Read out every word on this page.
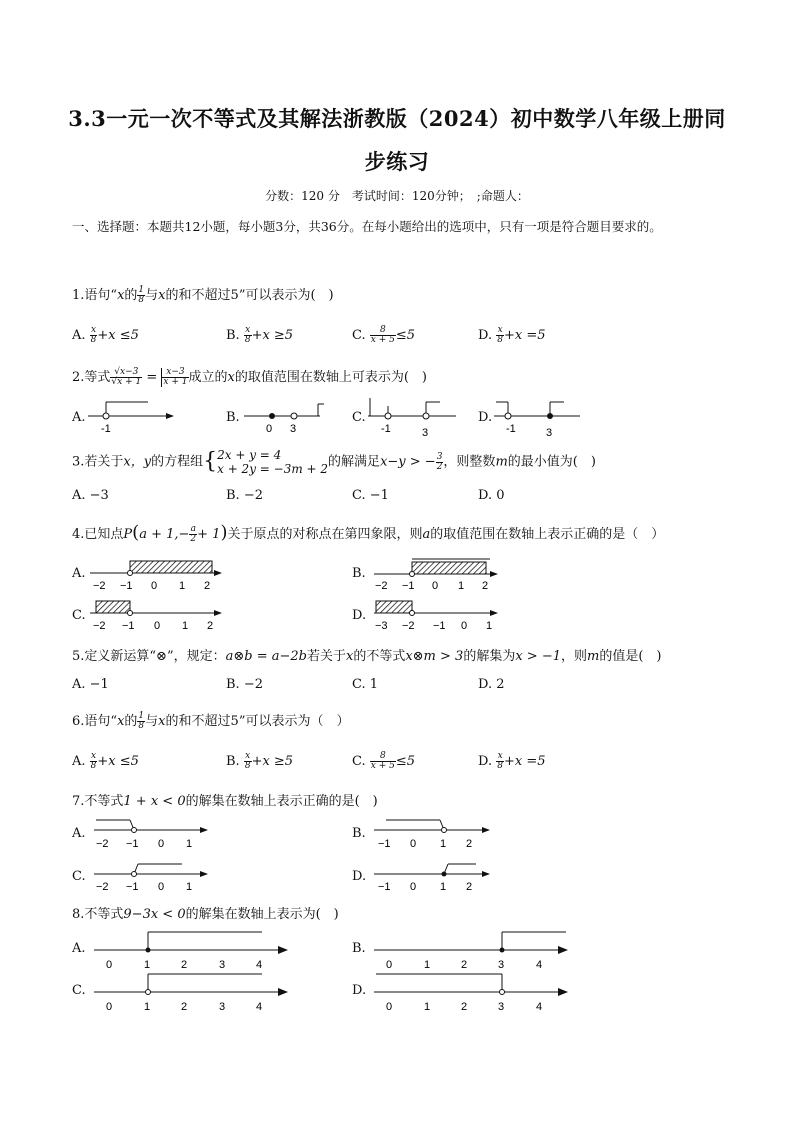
3.3一元一次不等式及其解法浙教版（2024）初中数学八年级上册同
步练习
分数：120 分　考试时间：120分钟；　;命题人：
一、选择题：本题共12小题，每小题3分，共36分。在每小题给出的选项中，只有一项是符合题目要求的。
1.语句“x的 $\frac{1}{8}$ 与x的和不超过5”可以表示为(　)
A. $\frac{x}{8} +x \le 5$	B. $\frac{x}{8} +x \ge 5$	C. $\frac{8}{x + 5} \le 5$	D. $\frac{x}{8} +x =5$
2.等式 $\frac{√x-3}{√x + 1} = \frac{x-3}{x + 1}$ 成立的x的取值范围在数轴上可表示为(　)
A.	B.	C.	D.
-1	0 3	-1	3	-1	3
3.若关于x，y的方程组{ 2x + y = 4
x + 2y = −3m + 2 的解满足x−y > − $\frac{3}{2}$ ，则整数m的最小值为(　)
A. −3	B. −2	C. −1	D. 0
4.已知点$P(a + 1,- \frac{a}{2} + 1)$关于原点的对称点在第四象限，则a的取值范围在数轴上表示正确的是（　）
A.	B.
C.	D.
−2 −1 0 1 2	−2 −1 0 1 2
−2 −1 0 1 2	−3 −2 −1 0 1
5.定义新运算“⊗”，规定：a⊗b = a−2b若关于x的不等式x⊗m > 3的解集为x > −1，则m的值是(　)
A. −1	B. −2	C. 1	D. 2
6.语句“x的 $\frac{1}{8}$ 与x的和不超过5”可以表示为（　）
A. $\frac{x}{8} +x \le 5$	B. $\frac{x}{8} +x \ge 5$	C. $\frac{8}{x + 5} \le 5$	D. $\frac{x}{8} +x =5$
7.不等式1 + x < 0的解集在数轴上表示正确的是(　)
A.	B.
C.	D.
−2 −1 0 1	−1 0 1 2
−2 −1 0 1	−1 0 1 2
8.不等式9−3x < 0的解集在数轴上表示为(　)
A.	B.
C.	D.
0	1	2	3	4	0	1	2	3	4
0	1	2	3	4	0	1	2	3	4
